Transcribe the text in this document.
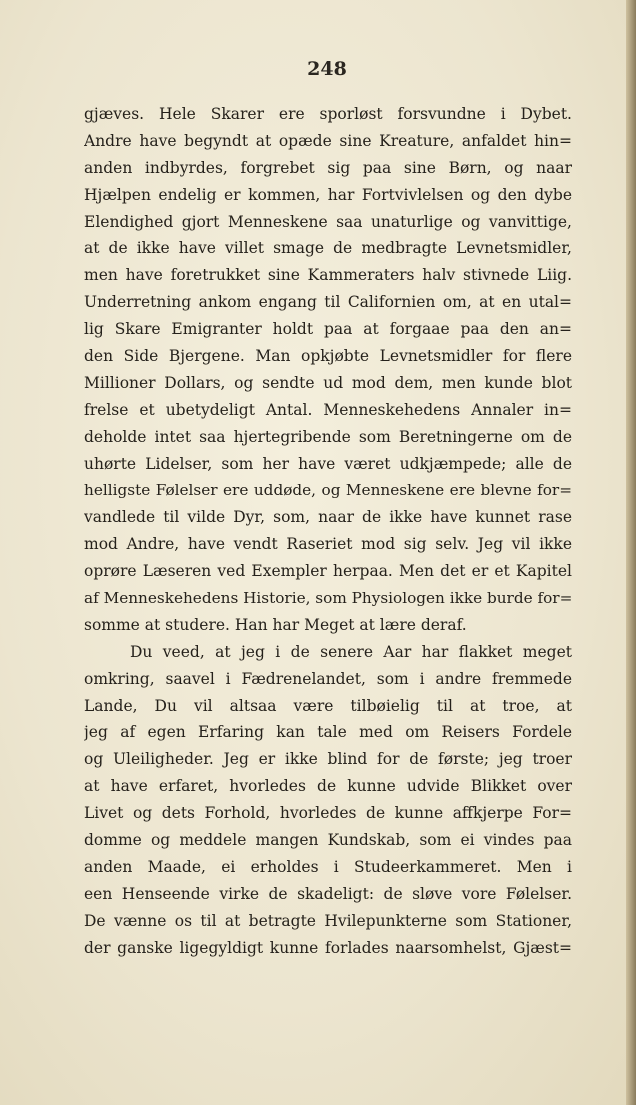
248
gjæves. Hele Skarer ere sporløst forsvundne i Dybet.
Andre have begyndt at opæde sine Kreature, anfaldet hin=
anden indbyrdes, forgrebet sig paa sine Børn, og naar
Hjælpen endelig er kommen, har Fortvivlelsen og den dybe
Elendighed gjort Menneskene saa unaturlige og vanvittige,
at de ikke have villet smage de medbragte Levnetsmidler,
men have foretrukket sine Kammeraters halv stivnede Liig.
Underretning ankom engang til Californien om, at en utal=
lig Skare Emigranter holdt paa at forgaae paa den an=
den Side Bjergene. Man opkjøbte Levnetsmidler for flere
Millioner Dollars, og sendte ud mod dem, men kunde blot
frelse et ubetydeligt Antal. Menneskehedens Annaler in=
deholde intet saa hjertegribende som Beretningerne om de
uhørte Lidelser, som her have været udkjæmpede; alle de
helligste Følelser ere uddøde, og Menneskene ere blevne for=
vandlede til vilde Dyr, som, naar de ikke have kunnet rase
mod Andre, have vendt Raseriet mod sig selv. Jeg vil ikke
oprøre Læseren ved Exempler herpaa. Men det er et Kapitel
af Menneskehedens Historie, som Physiologen ikke burde for=
somme at studere. Han har Meget at lære deraf.
Du veed, at jeg i de senere Aar har flakket meget
omkring, saavel i Fædrenelandet, som i andre fremmede
Lande, Du vil altsaa være tilbøielig til at troe, at
jeg af egen Erfaring kan tale med om Reisers Fordele
og Uleiligheder. Jeg er ikke blind for de første; jeg troer
at have erfaret, hvorledes de kunne udvide Blikket over
Livet og dets Forhold, hvorledes de kunne affkjerpe For=
domme og meddele mangen Kundskab, som ei vindes paa
anden Maade, ei erholdes i Studeerkammeret. Men i
een Henseende virke de skadeligt: de sløve vore Følelser.
De vænne os til at betragte Hvilepunkterne som Stationer,
der ganske ligegyldigt kunne forlades naarsomhelst, Gjæst=
